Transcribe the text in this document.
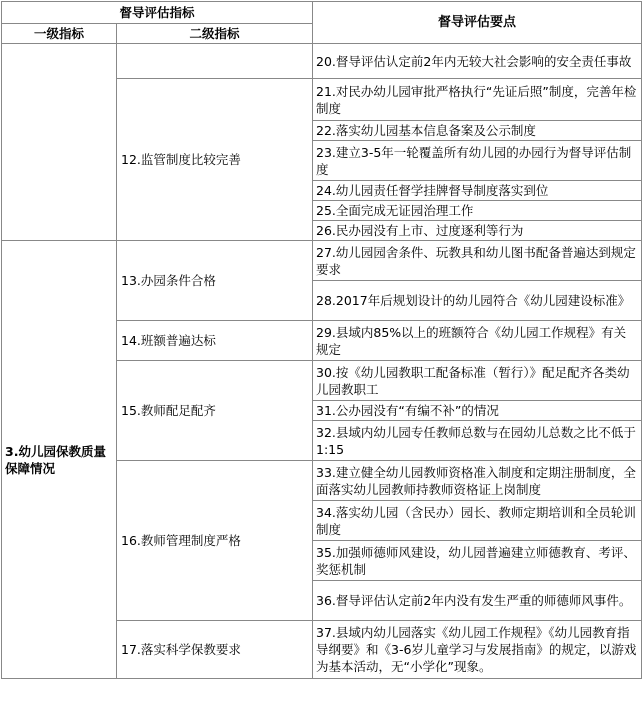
督导评估指标		督导评估要点
一级指标	二级指标	
		20.督导评估认定前2年内无较大社会影响的安全责任事故
	12.监管制度比较完善	21.对民办幼儿园审批严格执行“先证后照”制度，完善年检制度
		22.落实幼儿园基本信息备案及公示制度
		23.建立3-5年一轮覆盖所有幼儿园的办园行为督导评估制度
		24.幼儿园责任督学挂牌督导制度落实到位
		25.全面完成无证园治理工作
		26.民办园没有上市、过度逐利等行为
3.幼儿园保教质量保障情况	13.办园条件合格	27.幼儿园园舍条件、玩教具和幼儿图书配备普遍达到规定要求
		28.2017年后规划设计的幼儿园符合《幼儿园建设标准》
	14.班额普遍达标	29.县域内85%以上的班额符合《幼儿园工作规程》有关规定
	15.教师配足配齐	30.按《幼儿园教职工配备标准（暂行）》配足配齐各类幼儿园教职工
		31.公办园没有“有编不补”的情况
		32.县域内幼儿园专任教师总数与在园幼儿总数之比不低于1:15
	16.教师管理制度严格	33.建立健全幼儿园教师资格准入制度和定期注册制度，全面落实幼儿园教师持教师资格证上岗制度
		34.落实幼儿园（含民办）园长、教师定期培训和全员轮训制度
		35.加强师德师风建设，幼儿园普遍建立师德教育、考评、奖惩机制
		36.督导评估认定前2年内没有发生严重的师德师风事件。
	17.落实科学保教要求	37.县域内幼儿园落实《幼儿园工作规程》《幼儿园教育指导纲要》和《3-6岁儿童学习与发展指南》的规定，以游戏为基本活动，无“小学化”现象。
